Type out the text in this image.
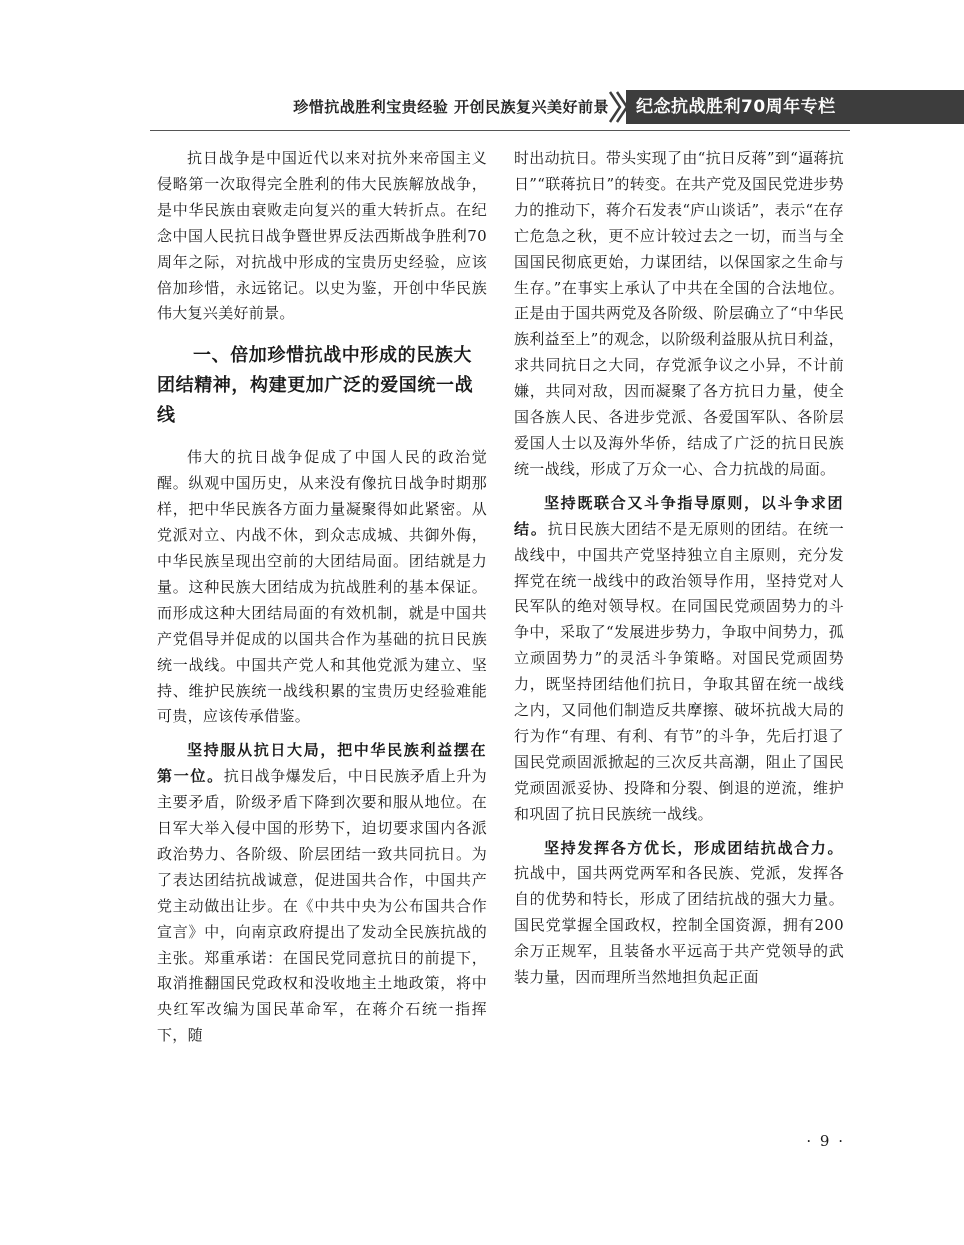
珍惜抗战胜利宝贵经验 开创民族复兴美好前景	纪念抗战胜利70周年专栏

抗日战争是中国近代以来对抗外来帝国主义侵略第一次取得完全胜利的伟大民族解放战争，是中华民族由衰败走向复兴的重大转折点。在纪念中国人民抗日战争暨世界反法西斯战争胜利70周年之际，对抗战中形成的宝贵历史经验，应该倍加珍惜，永远铭记。以史为鉴，开创中华民族伟大复兴美好前景。

一、倍加珍惜抗战中形成的民族大团结精神，构建更加广泛的爱国统一战线

伟大的抗日战争促成了中国人民的政治觉醒。纵观中国历史，从来没有像抗日战争时期那样，把中华民族各方面力量凝聚得如此紧密。从党派对立、内战不休，到众志成城、共御外侮，中华民族呈现出空前的大团结局面。团结就是力量。这种民族大团结成为抗战胜利的基本保证。而形成这种大团结局面的有效机制，就是中国共产党倡导并促成的以国共合作为基础的抗日民族统一战线。中国共产党人和其他党派为建立、坚持、维护民族统一战线积累的宝贵历史经验难能可贵，应该传承借鉴。

坚持服从抗日大局，把中华民族利益摆在第一位。抗日战争爆发后，中日民族矛盾上升为主要矛盾，阶级矛盾下降到次要和服从地位。在日军大举入侵中国的形势下，迫切要求国内各派政治势力、各阶级、阶层团结一致共同抗日。为了表达团结抗战诚意，促进国共合作，中国共产党主动做出让步。在《中共中央为公布国共合作宣言》中，向南京政府提出了发动全民族抗战的主张。郑重承诺：在国民党同意抗日的前提下，取消推翻国民党政权和没收地主土地政策，将中央红军改编为国民革命军，在蒋介石统一指挥下，随

时出动抗日。带头实现了由“抗日反蒋”到“逼蒋抗日”“联蒋抗日”的转变。在共产党及国民党进步势力的推动下，蒋介石发表“庐山谈话”，表示“在存亡危急之秋，更不应计较过去之一切，而当与全国国民彻底更始，力谋团结，以保国家之生命与生存。”在事实上承认了中共在全国的合法地位。正是由于国共两党及各阶级、阶层确立了“中华民族利益至上”的观念，以阶级利益服从抗日利益，求共同抗日之大同，存党派争议之小异，不计前嫌，共同对敌，因而凝聚了各方抗日力量，使全国各族人民、各进步党派、各爱国军队、各阶层爱国人士以及海外华侨，结成了广泛的抗日民族统一战线，形成了万众一心、合力抗战的局面。

坚持既联合又斗争指导原则，以斗争求团结。抗日民族大团结不是无原则的团结。在统一战线中，中国共产党坚持独立自主原则，充分发挥党在统一战线中的政治领导作用，坚持党对人民军队的绝对领导权。在同国民党顽固势力的斗争中，采取了“发展进步势力，争取中间势力，孤立顽固势力”的灵活斗争策略。对国民党顽固势力，既坚持团结他们抗日，争取其留在统一战线之内，又同他们制造反共摩擦、破坏抗战大局的行为作“有理、有利、有节”的斗争，先后打退了国民党顽固派掀起的三次反共高潮，阻止了国民党顽固派妥协、投降和分裂、倒退的逆流，维护和巩固了抗日民族统一战线。

坚持发挥各方优长，形成团结抗战合力。抗战中，国共两党两军和各民族、党派，发挥各自的优势和特长，形成了团结抗战的强大力量。国民党掌握全国政权，控制全国资源，拥有200余万正规军，且装备水平远高于共产党领导的武装力量，因而理所当然地担负起正面

· 9 ·
